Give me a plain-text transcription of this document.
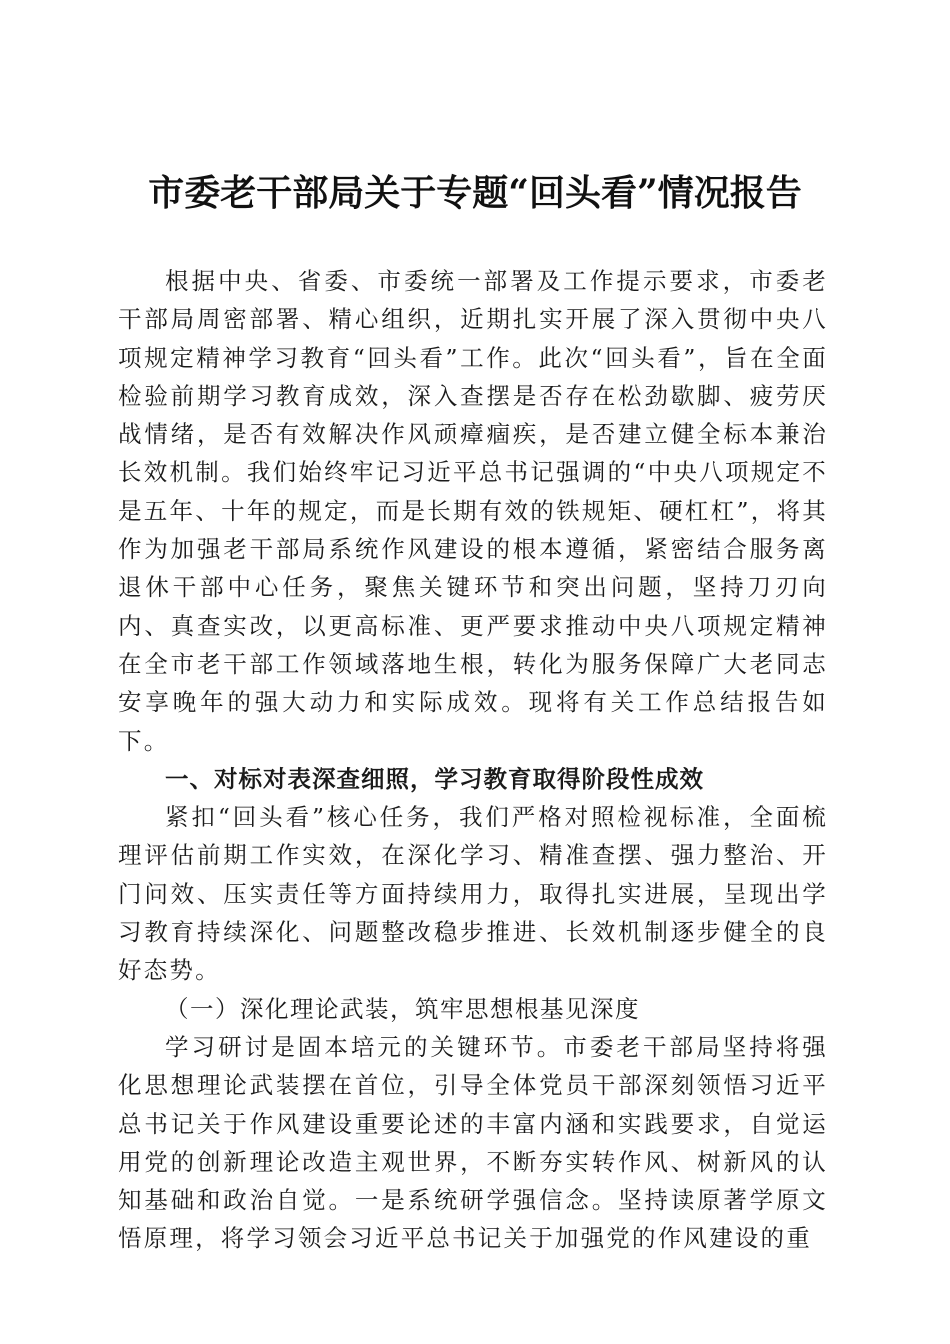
市委老干部局关于专题“回头看”情况报告

根据中央、省委、市委统一部署及工作提示要求，市委老干部局周密部署、精心组织，近期扎实开展了深入贯彻中央八项规定精神学习教育“回头看”工作。此次“回头看”，旨在全面检验前期学习教育成效，深入查摆是否存在松劲歇脚、疲劳厌战情绪，是否有效解决作风顽瘴痼疾，是否建立健全标本兼治长效机制。我们始终牢记习近平总书记强调的“中央八项规定不是五年、十年的规定，而是长期有效的铁规矩、硬杠杠”，将其作为加强老干部局系统作风建设的根本遵循，紧密结合服务离退休干部中心任务，聚焦关键环节和突出问题，坚持刀刃向内、真查实改，以更高标准、更严要求推动中央八项规定精神在全市老干部工作领域落地生根，转化为服务保障广大老同志安享晚年的强大动力和实际成效。现将有关工作总结报告如下。

一、对标对表深查细照，学习教育取得阶段性成效

紧扣“回头看”核心任务，我们严格对照检视标准，全面梳理评估前期工作实效，在深化学习、精准查摆、强力整治、开门问效、压实责任等方面持续用力，取得扎实进展，呈现出学习教育持续深化、问题整改稳步推进、长效机制逐步健全的良好态势。

（一）深化理论武装，筑牢思想根基见深度

学习研讨是固本培元的关键环节。市委老干部局坚持将强化思想理论武装摆在首位，引导全体党员干部深刻领悟习近平总书记关于作风建设重要论述的丰富内涵和实践要求，自觉运用党的创新理论改造主观世界，不断夯实转作风、树新风的认知基础和政治自觉。一是系统研学强信念。坚持读原著学原文悟原理，将学习领会习近平总书记关于加强党的作风建设的重
